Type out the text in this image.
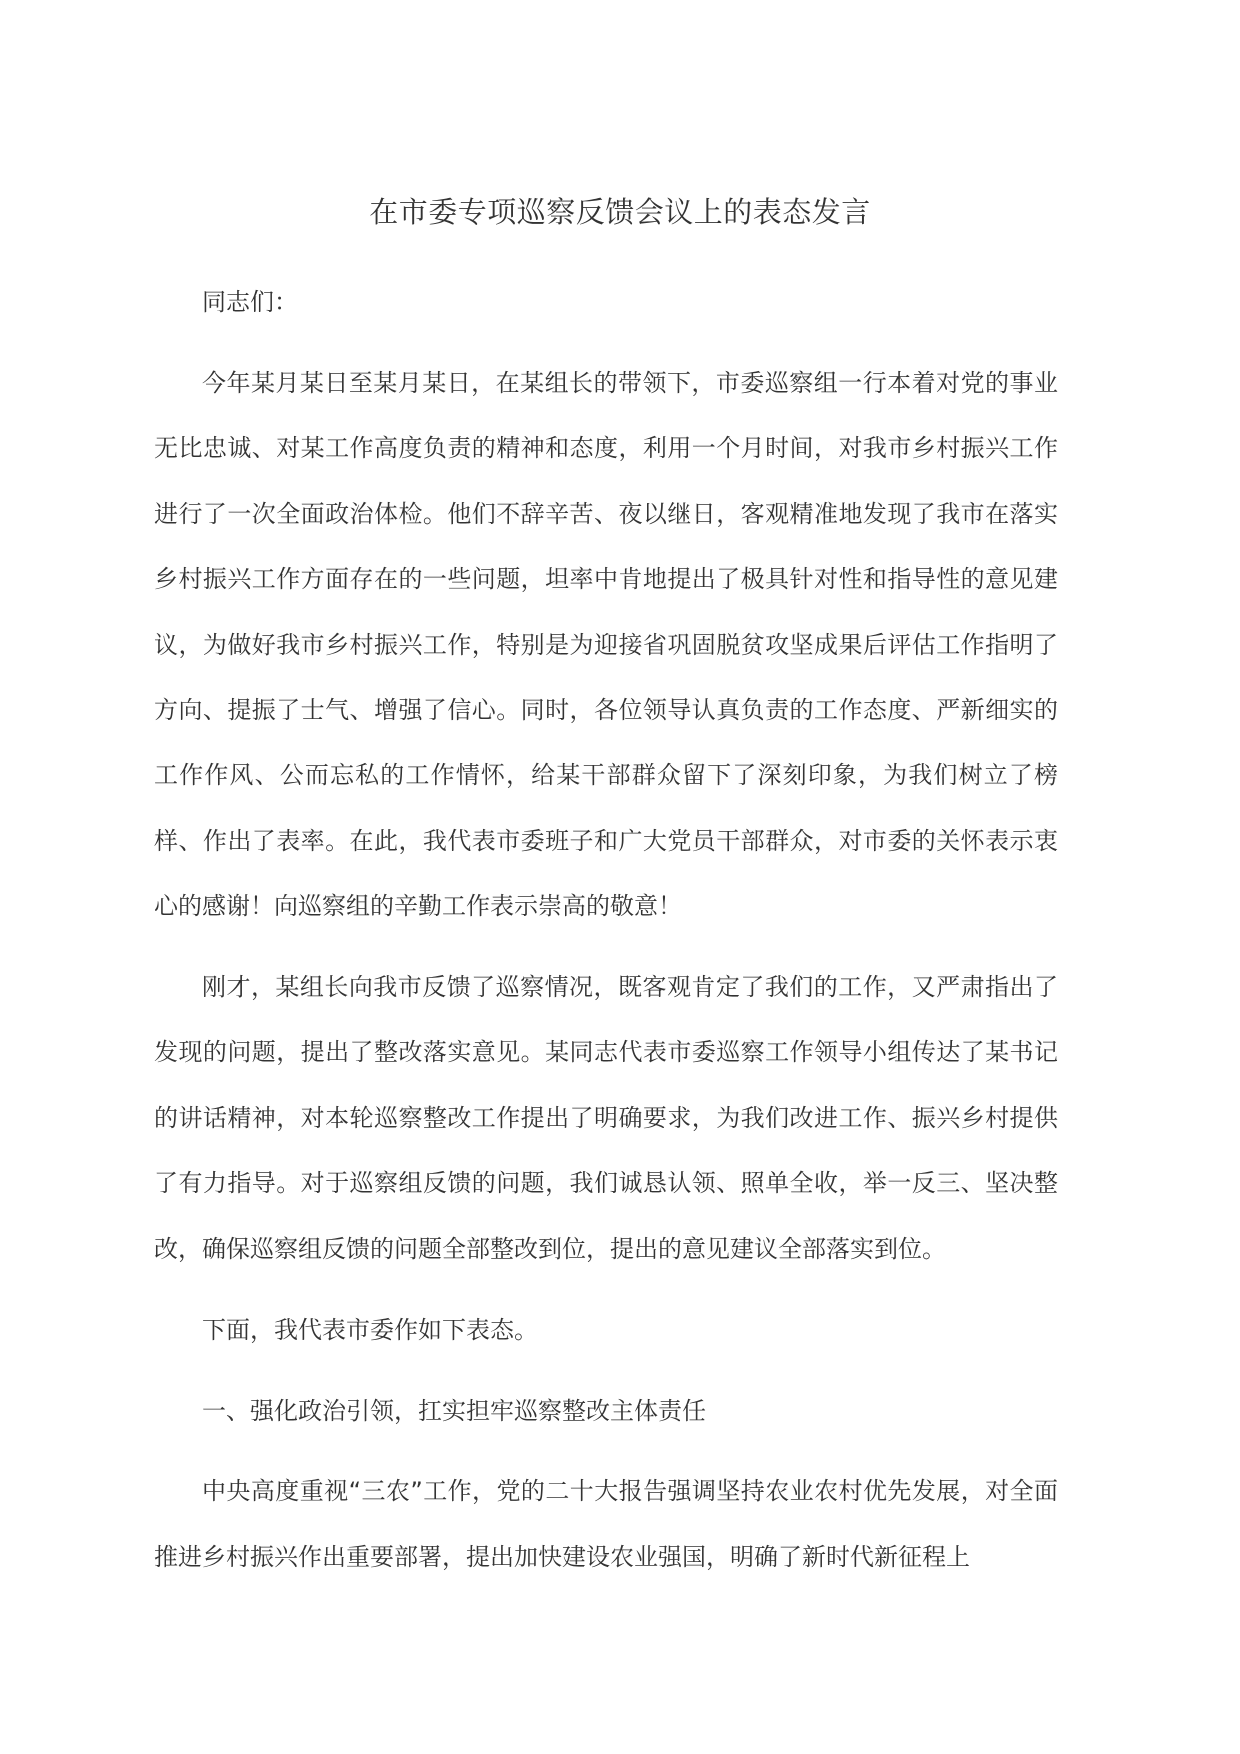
在市委专项巡察反馈会议上的表态发言

同志们：

今年某月某日至某月某日，在某组长的带领下，市委巡察组一行本着对党的事业无比忠诚、对某工作高度负责的精神和态度，利用一个月时间，对我市乡村振兴工作进行了一次全面政治体检。他们不辞辛苦、夜以继日，客观精准地发现了我市在落实乡村振兴工作方面存在的一些问题，坦率中肯地提出了极具针对性和指导性的意见建议，为做好我市乡村振兴工作，特别是为迎接省巩固脱贫攻坚成果后评估工作指明了方向、提振了士气、增强了信心。同时，各位领导认真负责的工作态度、严新细实的工作作风、公而忘私的工作情怀，给某干部群众留下了深刻印象，为我们树立了榜样、作出了表率。在此，我代表市委班子和广大党员干部群众，对市委的关怀表示衷心的感谢！向巡察组的辛勤工作表示崇高的敬意！

刚才，某组长向我市反馈了巡察情况，既客观肯定了我们的工作，又严肃指出了发现的问题，提出了整改落实意见。某同志代表市委巡察工作领导小组传达了某书记的讲话精神，对本轮巡察整改工作提出了明确要求，为我们改进工作、振兴乡村提供了有力指导。对于巡察组反馈的问题，我们诚恳认领、照单全收，举一反三、坚决整改，确保巡察组反馈的问题全部整改到位，提出的意见建议全部落实到位。

下面，我代表市委作如下表态。

一、强化政治引领，扛实担牢巡察整改主体责任

中央高度重视“三农”工作，党的二十大报告强调坚持农业农村优先发展，对全面推进乡村振兴作出重要部署，提出加快建设农业强国，明确了新时代新征程上
